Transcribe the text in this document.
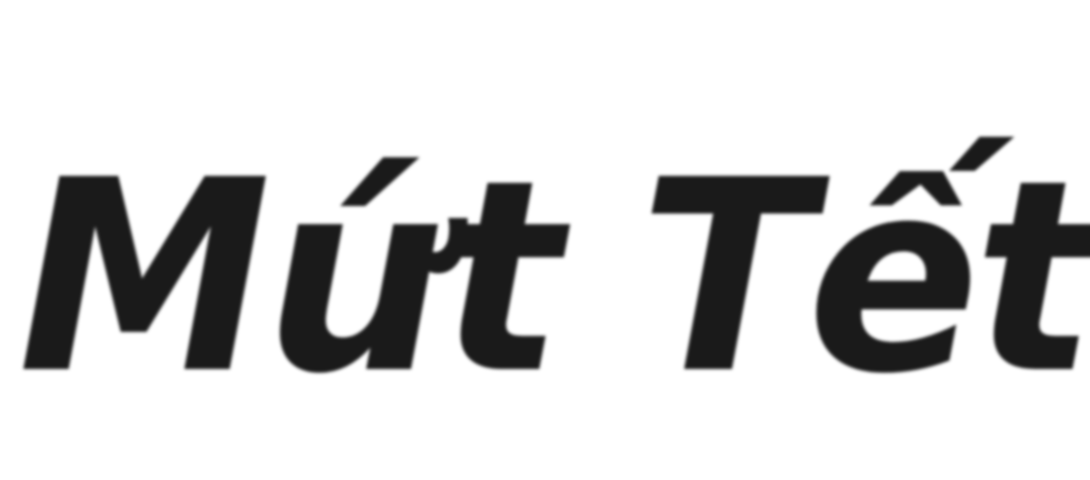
Mứt Tết
